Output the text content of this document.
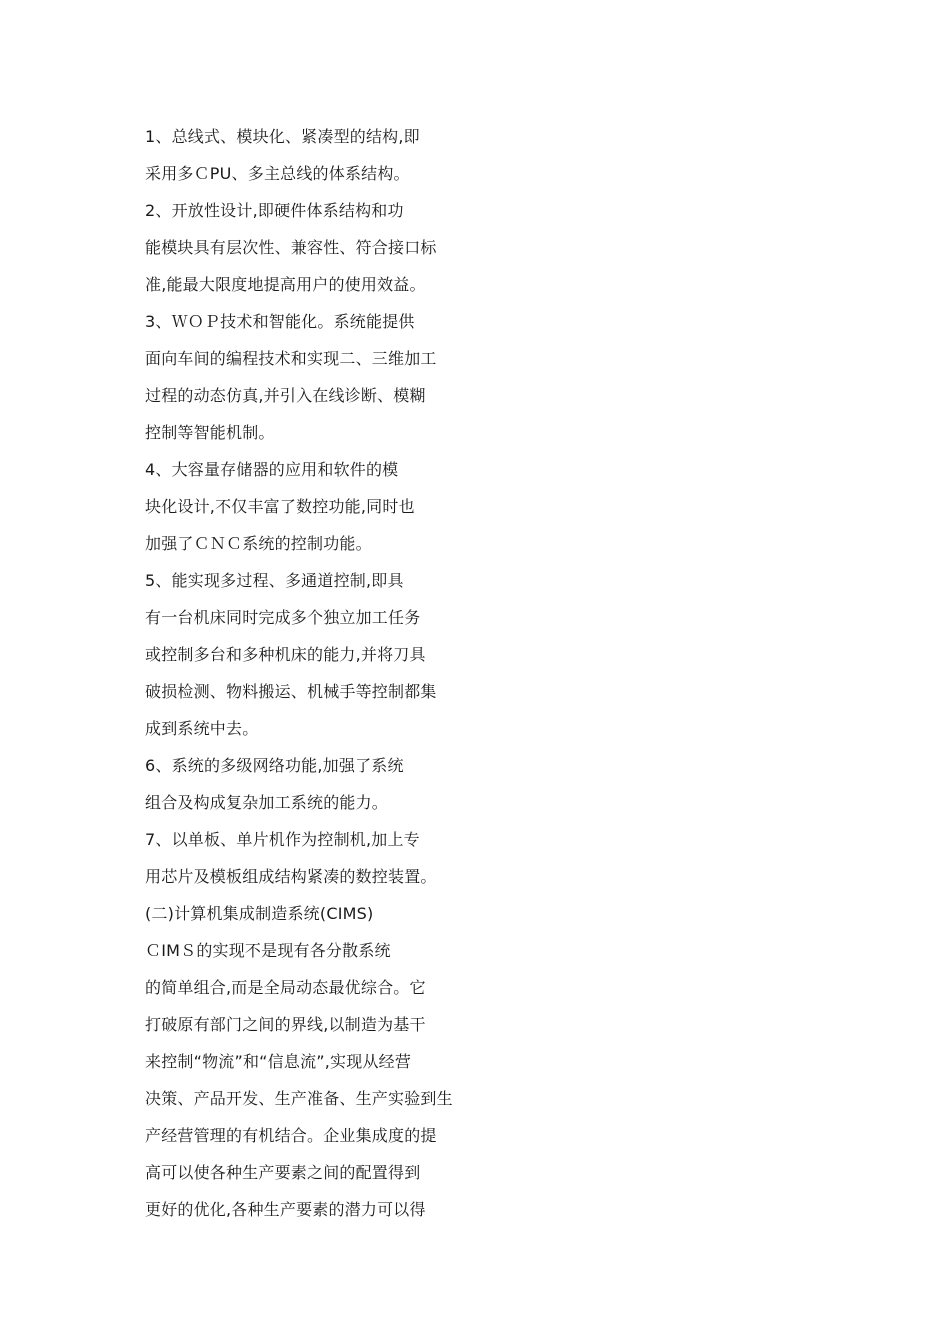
1、总线式、模块化、紧凑型的结构,即
采用多ＣPU、多主总线的体系结构。
2、开放性设计,即硬件体系结构和功
能模块具有层次性、兼容性、符合接口标
准,能最大限度地提高用户的使用效益。
3、ＷＯＰ技术和智能化。系统能提供
面向车间的编程技术和实现二、三维加工
过程的动态仿真,并引入在线诊断、模糊
控制等智能机制。
4、大容量存储器的应用和软件的模
块化设计,不仅丰富了数控功能,同时也
加强了ＣＮＣ系统的控制功能。
5、能实现多过程、多通道控制,即具
有一台机床同时完成多个独立加工任务
或控制多台和多种机床的能力,并将刀具
破损检测、物料搬运、机械手等控制都集
成到系统中去。
6、系统的多级网络功能,加强了系统
组合及构成复杂加工系统的能力。
7、以单板、单片机作为控制机,加上专
用芯片及模板组成结构紧凑的数控装置。
(二)计算机集成制造系统(CIMS)
ＣIMＳ的实现不是现有各分散系统
的简单组合,而是全局动态最优综合。它
打破原有部门之间的界线,以制造为基干
来控制“物流”和“信息流”,实现从经营
决策、产品开发、生产准备、生产实验到生
产经营管理的有机结合。企业集成度的提
高可以使各种生产要素之间的配置得到
更好的优化,各种生产要素的潜力可以得
